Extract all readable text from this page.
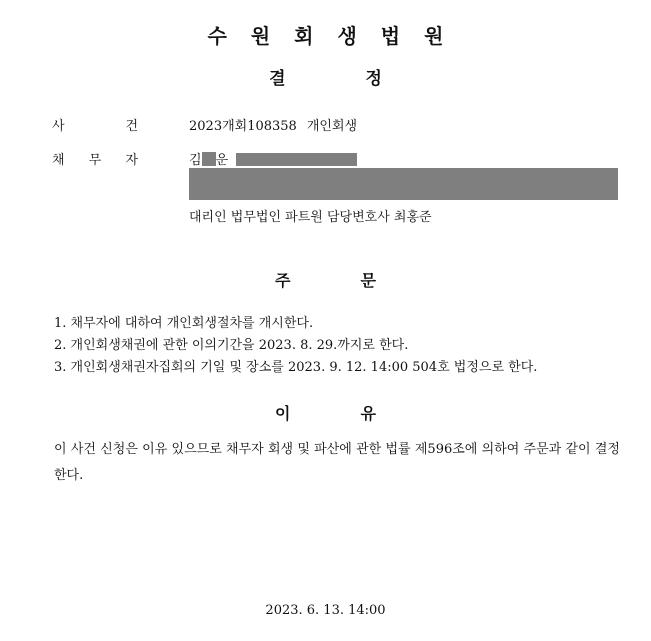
수원회생법원
결	정
사	건	2023개회108358 개인회생
채 무 자	김 운
대리인 법무법인 파트원 담당변호사 최홍준
주	문
1. 채무자에 대하여 개인회생절차를 개시한다.
2. 개인회생채권에 관한 이의기간을 2023. 8. 29.까지로 한다.
3. 개인회생채권자집회의 기일 및 장소를 2023. 9. 12. 14:00 504호 법정으로 한다.
이	유
이 사건 신청은 이유 있으므로 채무자 회생 및 파산에 관한 법률 제596조에 의하여 주문과 같이 결정한다.
2023. 6. 13. 14:00
